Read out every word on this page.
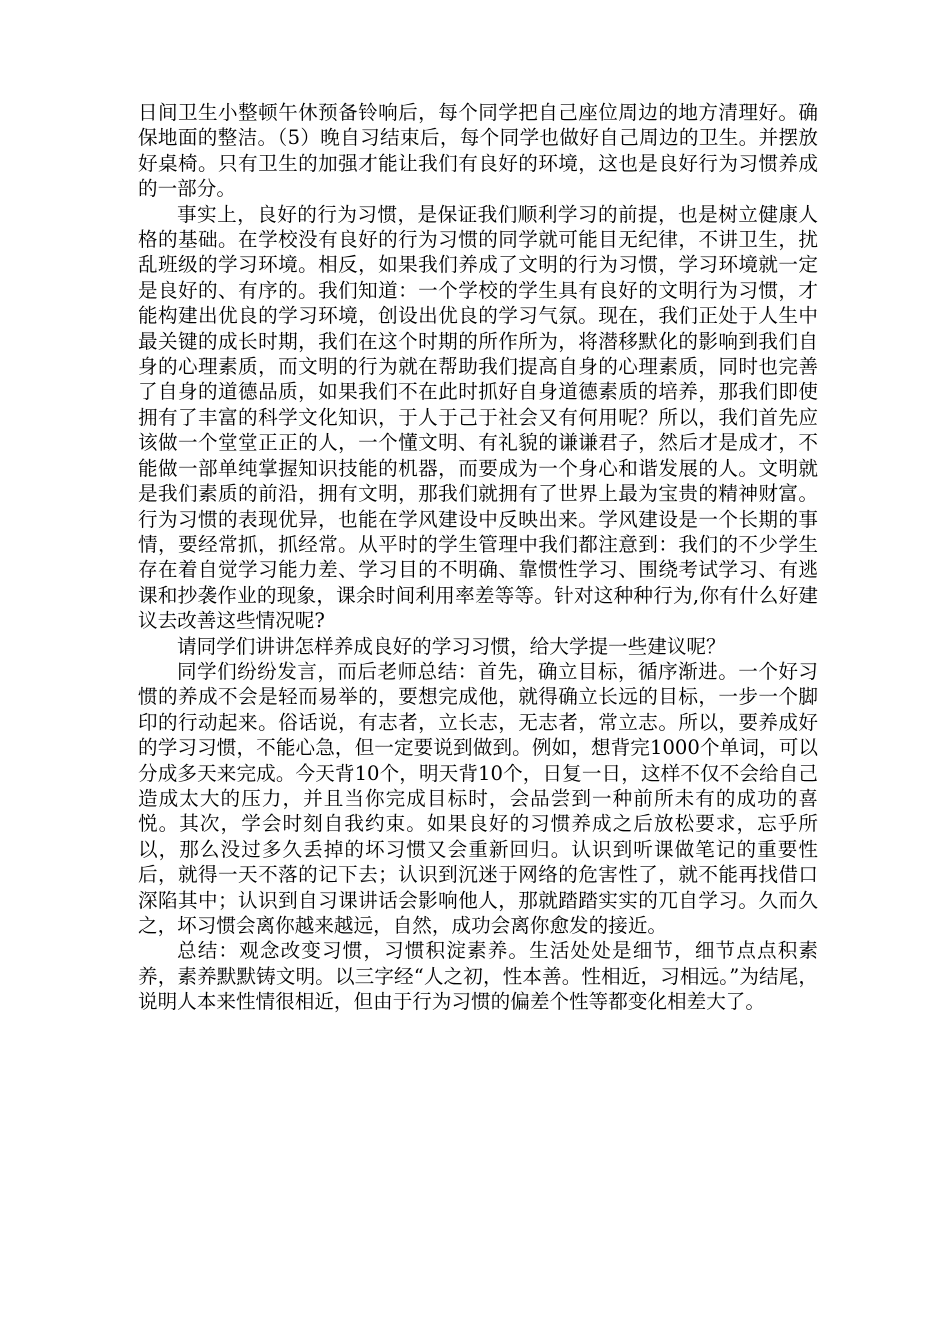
日间卫生小整顿午休预备铃响后，每个同学把自己座位周边的地方清理好。确保地面的整洁。（5）晚自习结束后，每个同学也做好自己周边的卫生。并摆放好桌椅。只有卫生的加强才能让我们有良好的环境，这也是良好行为习惯养成的一部分。

事实上，良好的行为习惯，是保证我们顺利学习的前提，也是树立健康人格的基础。在学校没有良好的行为习惯的同学就可能目无纪律，不讲卫生，扰乱班级的学习环境。相反，如果我们养成了文明的行为习惯，学习环境就一定是良好的、有序的。我们知道：一个学校的学生具有良好的文明行为习惯，才能构建出优良的学习环境，创设出优良的学习气氛。现在，我们正处于人生中最关键的成长时期，我们在这个时期的所作所为，将潜移默化的影响到我们自身的心理素质，而文明的行为就在帮助我们提高自身的心理素质，同时也完善了自身的道德品质，如果我们不在此时抓好自身道德素质的培养，那我们即使拥有了丰富的科学文化知识，于人于己于社会又有何用呢？所以，我们首先应该做一个堂堂正正的人，一个懂文明、有礼貌的谦谦君子，然后才是成才，不能做一部单纯掌握知识技能的机器，而要成为一个身心和谐发展的人。文明就是我们素质的前沿，拥有文明，那我们就拥有了世界上最为宝贵的精神财富。行为习惯的表现优异，也能在学风建设中反映出来。学风建设是一个长期的事情，要经常抓，抓经常。从平时的学生管理中我们都注意到：我们的不少学生存在着自觉学习能力差、学习目的不明确、靠惯性学习、围绕考试学习、有逃课和抄袭作业的现象，课余时间利用率差等等。针对这种种行为,你有什么好建议去改善这些情况呢?

请同学们讲讲怎样养成良好的学习习惯，给大学提一些建议呢？

同学们纷纷发言，而后老师总结：首先，确立目标，循序渐进。一个好习惯的养成不会是轻而易举的，要想完成他，就得确立长远的目标，一步一个脚印的行动起来。俗话说，有志者，立长志，无志者，常立志。所以，要养成好的学习习惯，不能心急，但一定要说到做到。例如，想背完1000个单词，可以分成多天来完成。今天背10个，明天背10个，日复一日，这样不仅不会给自己造成太大的压力，并且当你完成目标时，会品尝到一种前所未有的成功的喜悦。其次，学会时刻自我约束。如果良好的习惯养成之后放松要求，忘乎所以，那么没过多久丢掉的坏习惯又会重新回归。认识到听课做笔记的重要性后，就得一天不落的记下去；认识到沉迷于网络的危害性了，就不能再找借口深陷其中；认识到自习课讲话会影响他人，那就踏踏实实的兀自学习。久而久之，坏习惯会离你越来越远，自然，成功会离你愈发的接近。

总结：观念改变习惯，习惯积淀素养。生活处处是细节，细节点点积素养，素养默默铸文明。以三字经“人之初，性本善。性相近，习相远。”为结尾，说明人本来性情很相近，但由于行为习惯的偏差个性等都变化相差大了。
